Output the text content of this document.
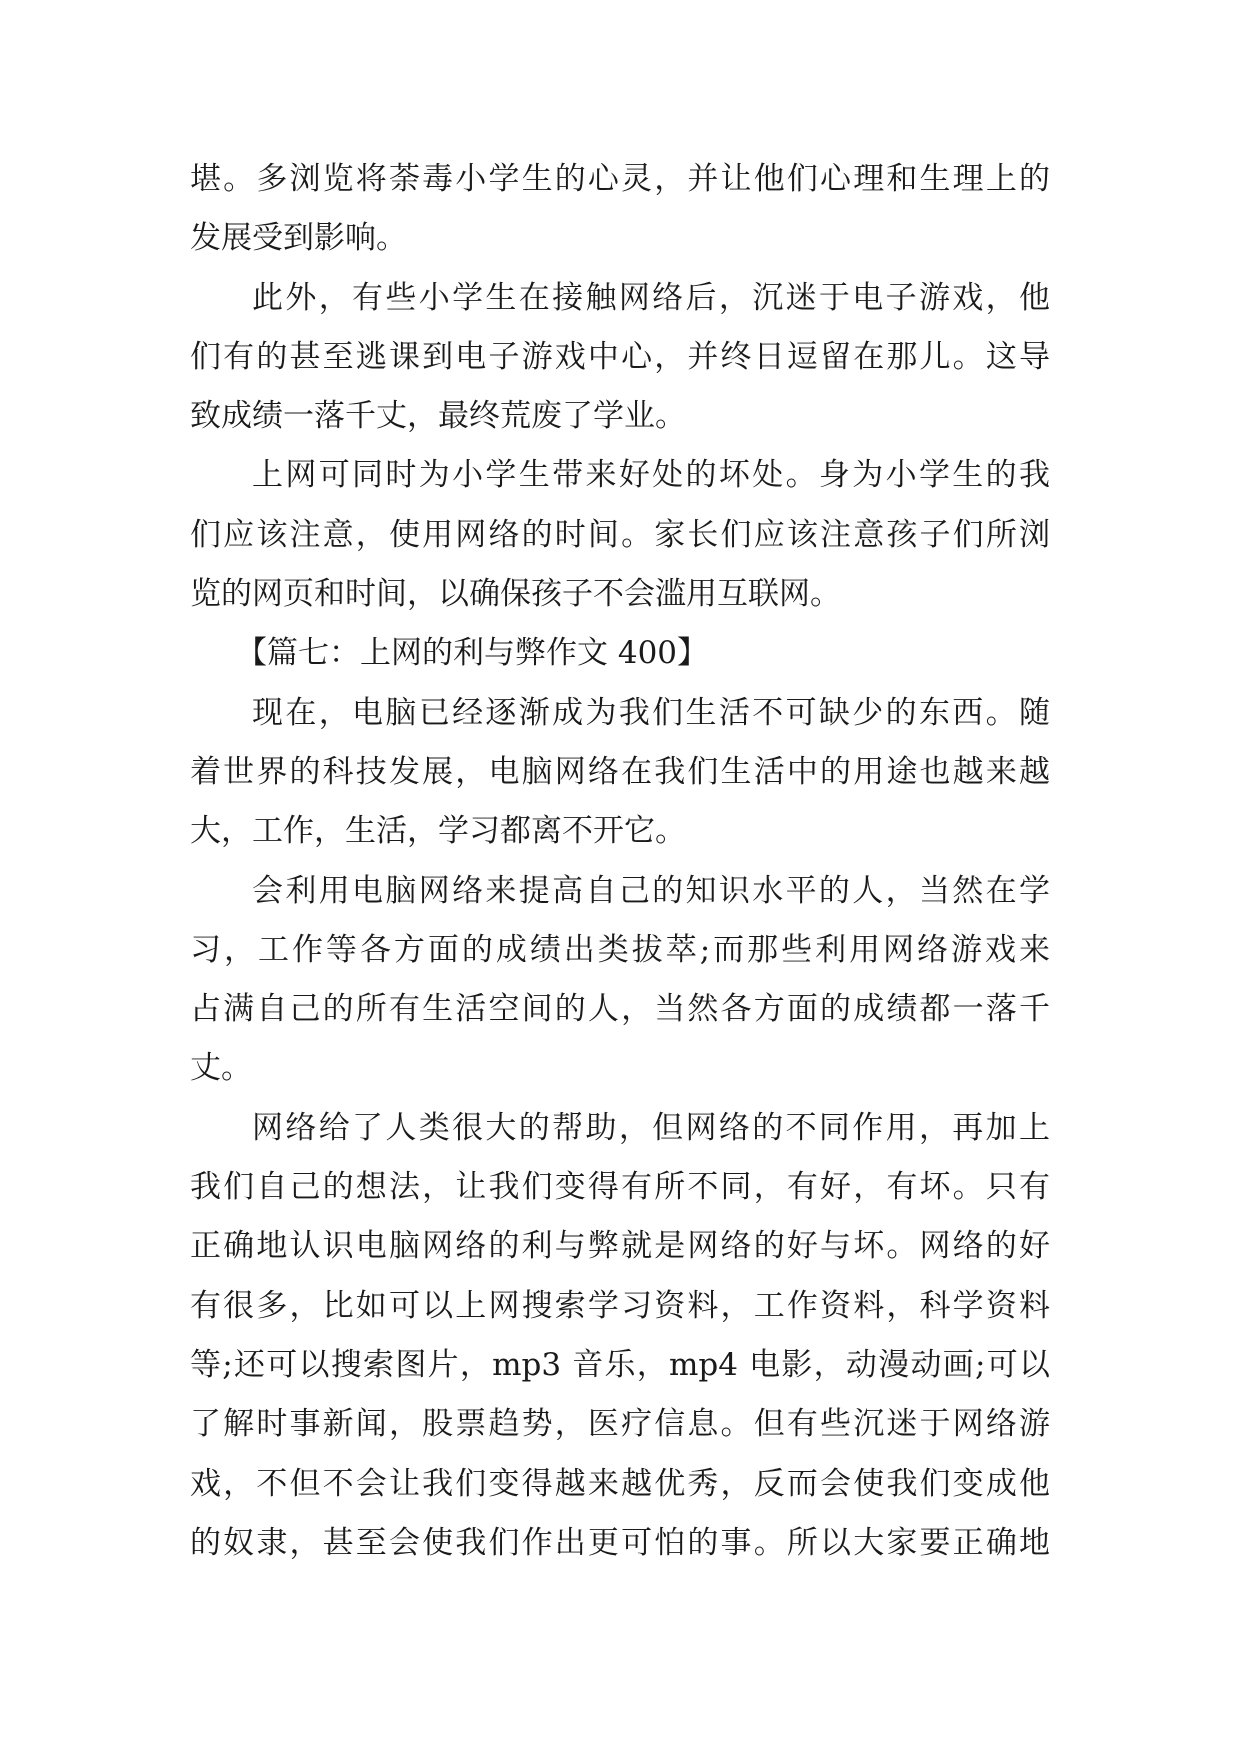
堪。多浏览将荼毒小学生的心灵，并让他们心理和生理上的
发展受到影响。
此外，有些小学生在接触网络后，沉迷于电子游戏，他
们有的甚至逃课到电子游戏中心，并终日逗留在那儿。这导
致成绩一落千丈，最终荒废了学业。
上网可同时为小学生带来好处的坏处。身为小学生的我
们应该注意，使用网络的时间。家长们应该注意孩子们所浏
览的网页和时间，以确保孩子不会滥用互联网。
【篇七：上网的利与弊作文 400】
现在，电脑已经逐渐成为我们生活不可缺少的东西。随
着世界的科技发展，电脑网络在我们生活中的用途也越来越
大，工作，生活，学习都离不开它。
会利用电脑网络来提高自己的知识水平的人，当然在学
习，工作等各方面的成绩出类拔萃;而那些利用网络游戏来
占满自己的所有生活空间的人，当然各方面的成绩都一落千
丈。
网络给了人类很大的帮助，但网络的不同作用，再加上
我们自己的想法，让我们变得有所不同，有好，有坏。只有
正确地认识电脑网络的利与弊就是网络的好与坏。网络的好
有很多，比如可以上网搜索学习资料，工作资料，科学资料
等;还可以搜索图片，mp3 音乐，mp4 电影，动漫动画;可以
了解时事新闻，股票趋势，医疗信息。但有些沉迷于网络游
戏，不但不会让我们变得越来越优秀，反而会使我们变成他
的奴隶，甚至会使我们作出更可怕的事。所以大家要正确地
